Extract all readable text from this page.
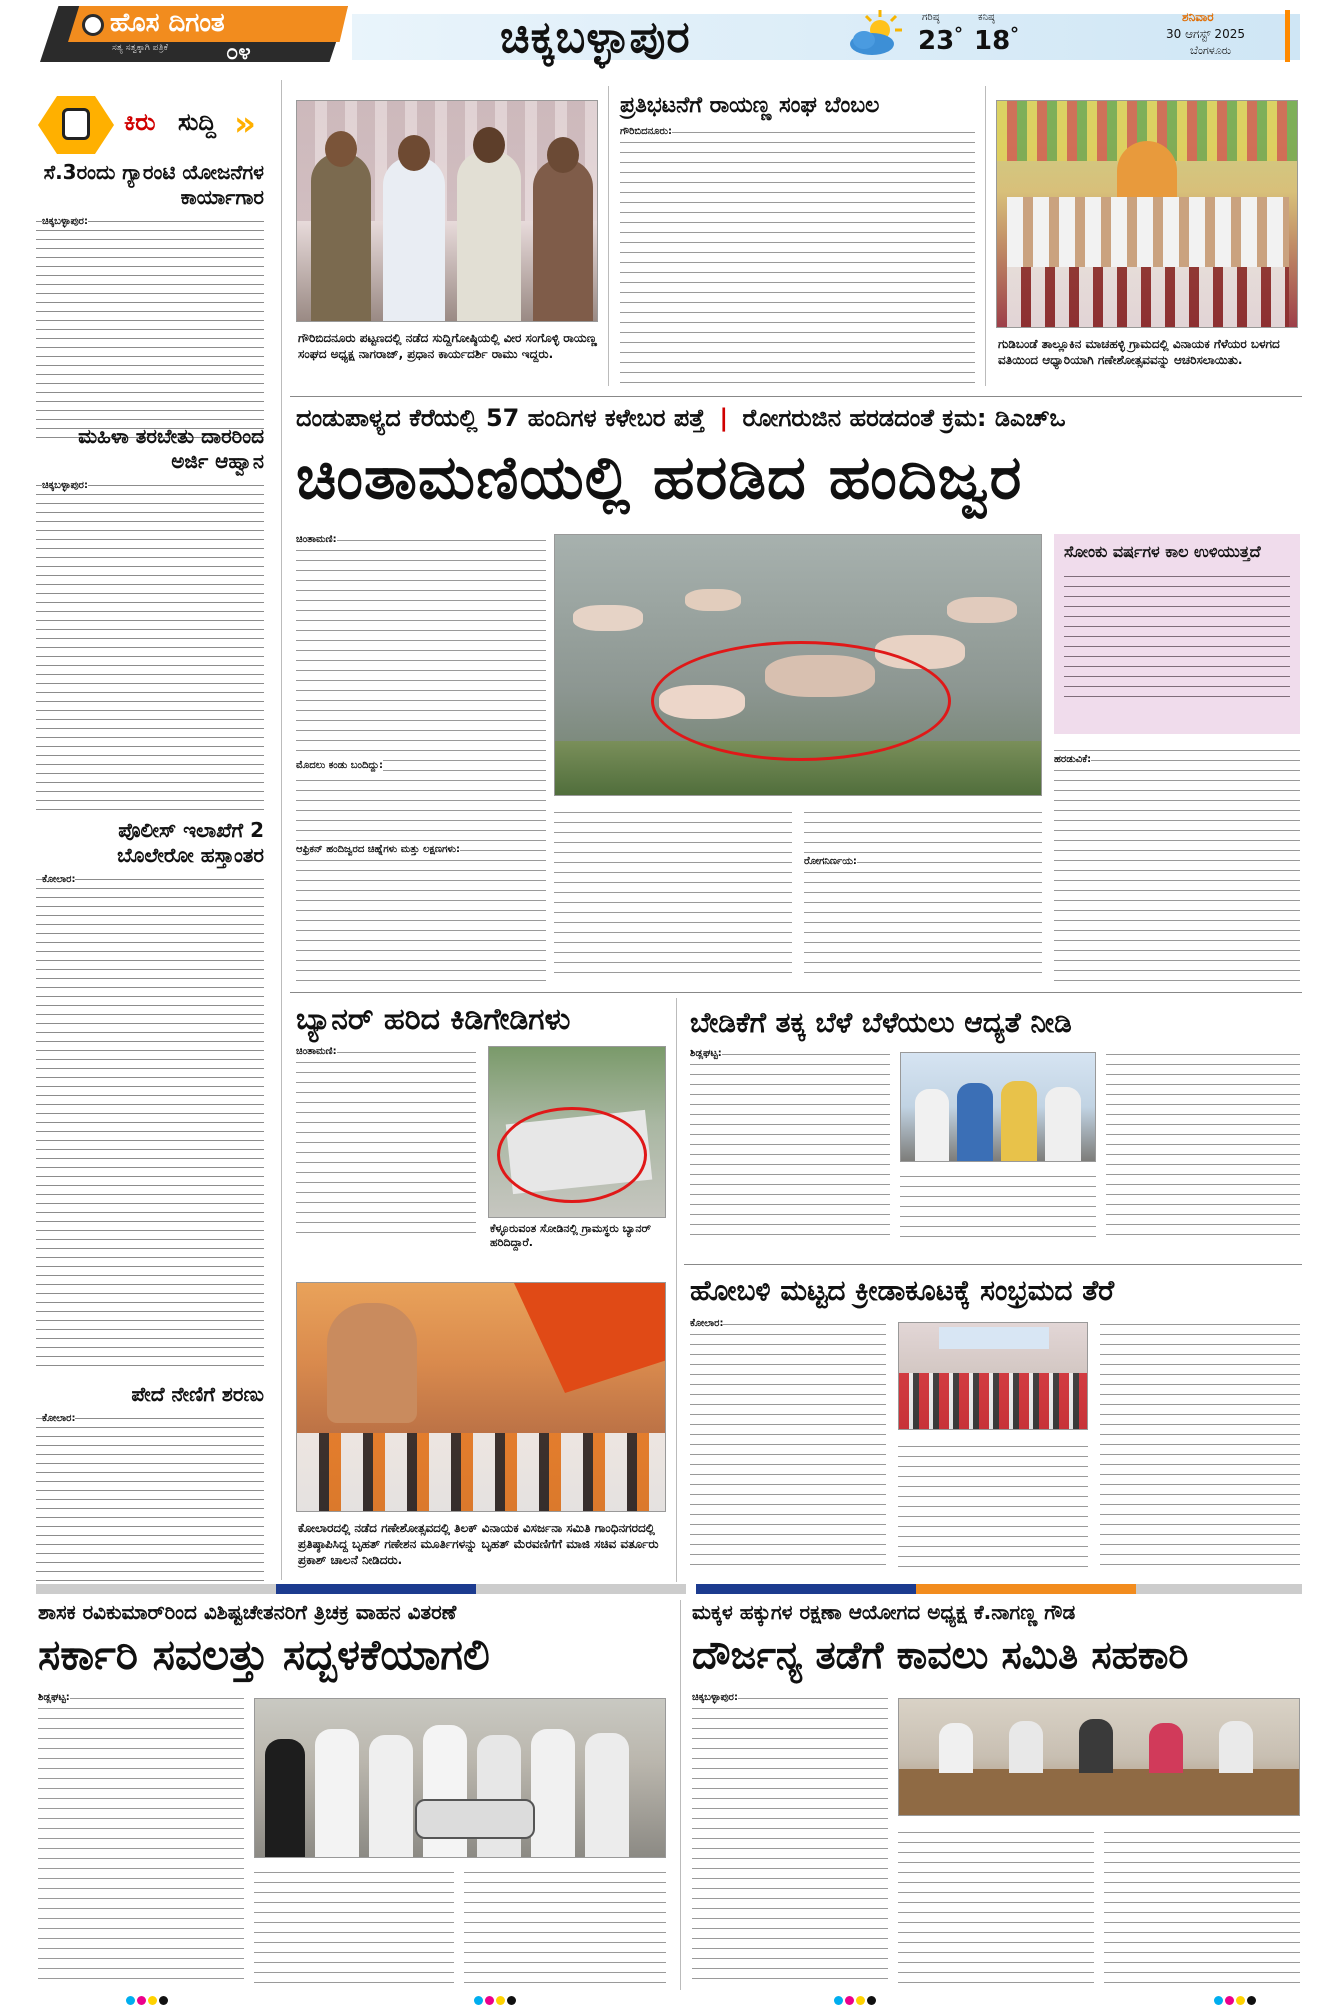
ಹೊಸ ದಿಗಂತ
ಸತ್ಯ ಸತ್ವಕ್ಕಾಗಿ ಪತ್ರಿಕೆ	೦೪	ಚಿಕ್ಕಬಳ್ಳಾಪುರ	ಗರಿಷ್ಠ
23 °
ಕನಿಷ್ಠ
18 °
ಶನಿವಾರ
30 ಆಗಸ್ಟ್ 2025
ಬೆಂಗಳೂರು
ಕಿರು ಸುದ್ದಿ »
ಸೆ.3ರಂದು ಗ್ಯಾರಂಟಿ ಯೋಜನೆಗಳ ಕಾರ್ಯಾಗಾರ
ಚಿಕ್ಕಬಳ್ಳಾಪುರ:
ಮಹಿಳಾ ತರಬೇತು ದಾರರಿಂದ ಅರ್ಜಿ ಆಹ್ವಾನ
ಚಿಕ್ಕಬಳ್ಳಾಪುರ:
ಪೊಲೀಸ್ ಇಲಾಖೆಗೆ 2 ಬೊಲೇರೋ ಹಸ್ತಾಂತರ
ಕೋಲಾರ:
ಪೇದೆ ನೇಣಿಗೆ ಶರಣು
ಕೋಲಾರ:
ಗೌರಿಬಿದನೂರು ಪಟ್ಟಣದಲ್ಲಿ ನಡೆದ ಸುದ್ದಿಗೋಷ್ಠಿಯಲ್ಲಿ ವೀರ ಸಂಗೊಳ್ಳಿ ರಾಯಣ್ಣ ಸಂಘದ ಅಧ್ಯಕ್ಷ ನಾಗರಾಜ್, ಪ್ರಧಾನ ಕಾರ್ಯದರ್ಶಿ ರಾಮು ಇದ್ದರು.
ಪ್ರತಿಭಟನೆಗೆ ರಾಯಣ್ಣ ಸಂಘ ಬೆಂಬಲ
ಗೌರಿಬಿದನೂರು:
ಗುಡಿಬಂಡೆ ತಾಲ್ಲೂಕಿನ ಮಾಚಹಳ್ಳಿ ಗ್ರಾಮದಲ್ಲಿ ವಿನಾಯಕ ಗೆಳೆಯರ ಬಳಗದ ವತಿಯಿಂದ ಆಧ್ಯಾರಿಯಾಗಿ ಗಣೇಶೋತ್ಸವವನ್ನು ಆಚರಿಸಲಾಯಿತು.
ದಂಡುಪಾಳ್ಯದ ಕೆರೆಯಲ್ಲಿ 57 ಹಂದಿಗಳ ಕಳೇಬರ ಪತ್ತೆ | ರೋಗರುಜಿನ ಹರಡದಂತೆ ಕ್ರಮ: ಡಿಎಚ್‌ಒ
ಚಿಂತಾಮಣಿಯಲ್ಲಿ ಹರಡಿದ ಹಂದಿಜ್ವರ
ಚಿಂತಾಮಣಿ:
ಮೊದಲು ಕಂಡು ಬಂದಿದ್ದು:
ಆಫ್ರಿಕನ್ ಹಂದಿಜ್ವರದ ಚಿಹ್ನೆಗಳು ಮತ್ತು ಲಕ್ಷಣಗಳು:
ಸೋಂಕು ವರ್ಷಗಳ ಕಾಲ ಉಳಿಯುತ್ತದೆ
ರೋಗನಿರ್ಣಯ:
ಹರಡುವಿಕೆ:
ಬ್ಯಾನರ್ ಹರಿದ ಕಿಡಿಗೇಡಿಗಳು
ಚಿಂತಾಮಣಿ:
ಕೆಳ್ಳೂರುವಂತ ಸೋಡಿನಲ್ಲಿ ಗ್ರಾಮಸ್ಥರು ಬ್ಯಾನರ್ ಹರಿದಿದ್ದಾರೆ.
ಬೇಡಿಕೆಗೆ ತಕ್ಕ ಬೆಳೆ ಬೆಳೆಯಲು ಆದ್ಯತೆ ನೀಡಿ
ಶಿಡ್ಲಘಟ್ಟ:
ಕೋಲಾರದಲ್ಲಿ ನಡೆದ ಗಣೇಶೋತ್ಸವದಲ್ಲಿ ತಿಲಕ್ ವಿನಾಯಕ ವಿಸರ್ಜನಾ ಸಮಿತಿ ಗಾಂಧಿನಗರದಲ್ಲಿ ಪ್ರತಿಷ್ಠಾಪಿಸಿದ್ದ ಬೃಹತ್ ಗಣೇಶನ ಮೂರ್ತಿಗಳನ್ನು ಬೃಹತ್ ಮೆರವಣಿಗೆಗೆ ಮಾಜಿ ಸಚಿವ ವರ್ತೂರು ಪ್ರಕಾಶ್ ಚಾಲನೆ ನೀಡಿದರು.
ಹೋಬಳಿ ಮಟ್ಟದ ಕ್ರೀಡಾಕೂಟಕ್ಕೆ ಸಂಭ್ರಮದ ತೆರೆ
ಕೋಲಾರ:
ಶಾಸಕ ರವಿಕುಮಾರ್‌ರಿಂದ ವಿಶಿಷ್ಟಚೇತನರಿಗೆ ತ್ರಿಚಕ್ರ ವಾಹನ ವಿತರಣೆ
ಸರ್ಕಾರಿ ಸವಲತ್ತು ಸದ್ಬಳಕೆಯಾಗಲಿ
ಶಿಡ್ಲಘಟ್ಟ:
ಮಕ್ಕಳ ಹಕ್ಕುಗಳ ರಕ್ಷಣಾ ಆಯೋಗದ ಅಧ್ಯಕ್ಷ ಕೆ.ನಾಗಣ್ಣ ಗೌಡ
ದೌರ್ಜನ್ಯ ತಡೆಗೆ ಕಾವಲು ಸಮಿತಿ ಸಹಕಾರಿ
ಚಿಕ್ಕಬಳ್ಳಾಪುರ:
